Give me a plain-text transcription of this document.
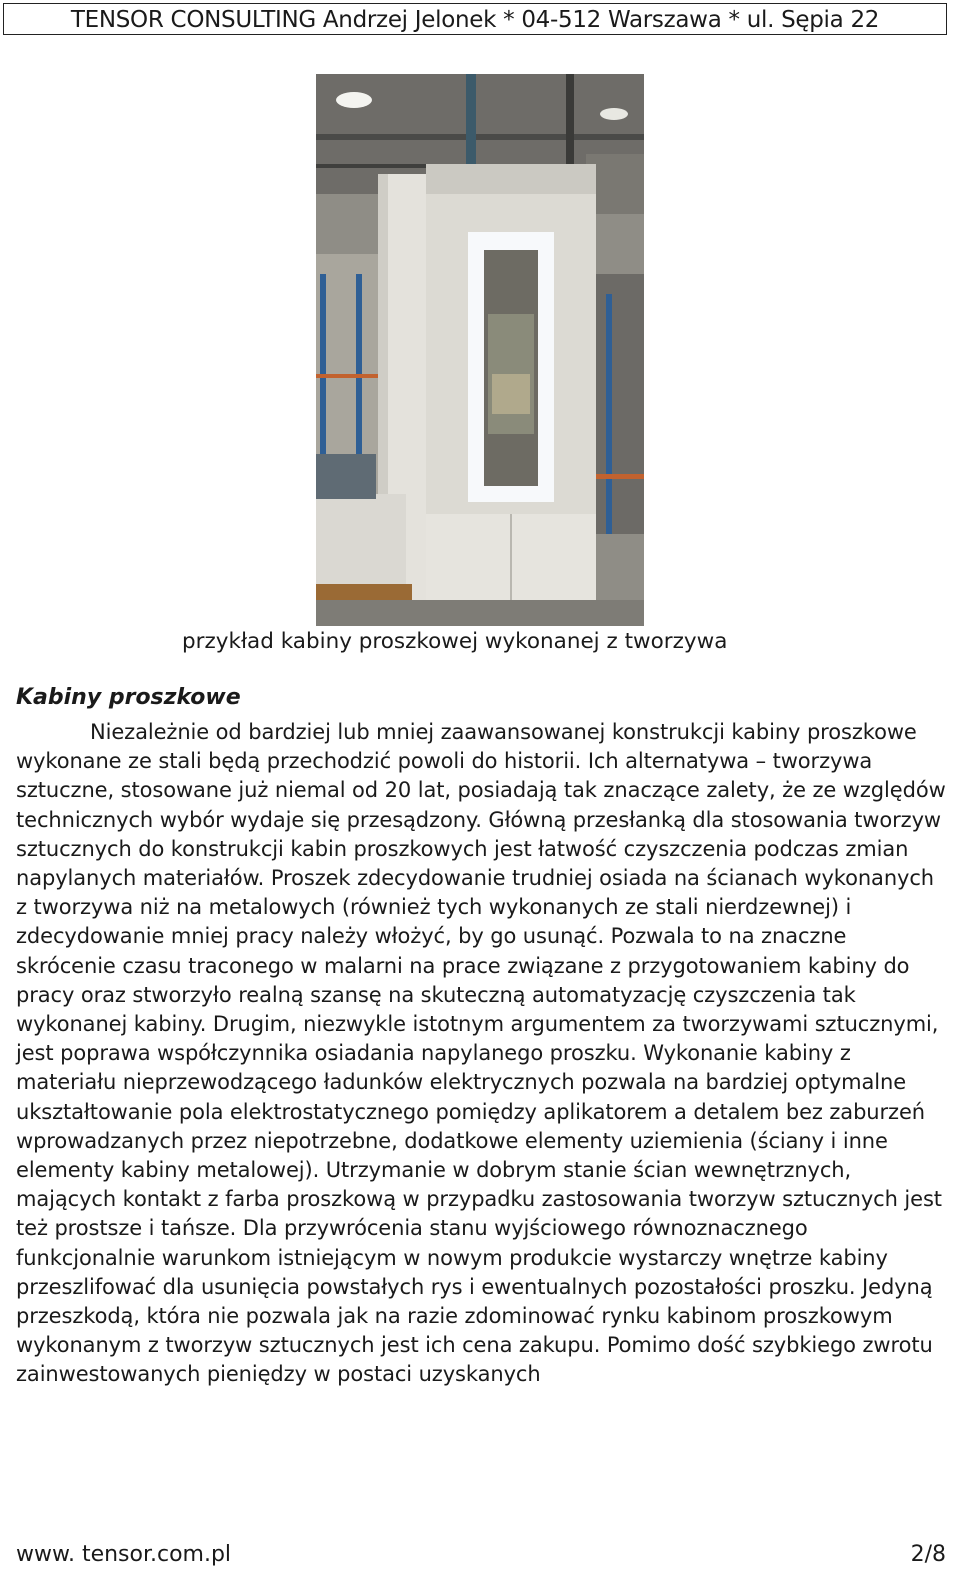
TENSOR CONSULTING Andrzej Jelonek * 04-512 Warszawa * ul. Sępia 22
przykład kabiny proszkowej wykonanej z tworzywa
Kabiny proszkowe

Niezależnie od bardziej lub mniej zaawansowanej konstrukcji kabiny proszkowe wykonane ze stali będą przechodzić powoli do historii. Ich alternatywa – tworzywa sztuczne, stosowane już niemal od 20 lat, posiadają tak znaczące zalety, że ze względów technicznych wybór wydaje się przesądzony. Główną przesłanką dla stosowania tworzyw sztucznych do konstrukcji kabin proszkowych jest łatwość czyszczenia podczas zmian napylanych materiałów. Proszek zdecydowanie trudniej osiada na ścianach wykonanych z tworzywa niż na metalowych (również tych wykonanych ze stali nierdzewnej) i zdecydowanie mniej pracy należy włożyć, by go usunąć. Pozwala to na znaczne skrócenie czasu traconego w malarni na prace związane z przygotowaniem kabiny do pracy oraz stworzyło realną szansę na skuteczną automatyzację czyszczenia tak wykonanej kabiny. Drugim, niezwykle istotnym argumentem za tworzywami sztucznymi, jest poprawa współczynnika osiadania napylanego proszku. Wykonanie kabiny z materiału nieprzewodzącego ładunków elektrycznych pozwala na bardziej optymalne ukształtowanie pola elektrostatycznego pomiędzy aplikatorem a detalem bez zaburzeń wprowadzanych przez niepotrzebne, dodatkowe elementy uziemienia (ściany i inne elementy kabiny metalowej). Utrzymanie w dobrym stanie ścian wewnętrznych, mających kontakt z farba proszkową w przypadku zastosowania tworzyw sztucznych jest też prostsze i tańsze. Dla przywrócenia stanu wyjściowego równoznacznego funkcjonalnie warunkom istniejącym w nowym produkcie wystarczy wnętrze kabiny przeszlifować dla usunięcia powstałych rys i ewentualnych pozostałości proszku. Jedyną przeszkodą, która nie pozwala jak na razie zdominować rynku kabinom proszkowym wykonanym z tworzyw sztucznych jest ich cena zakupu. Pomimo dość szybkiego zwrotu zainwestowanych pieniędzy w postaci uzyskanych

www. tensor.com.pl	2/8
